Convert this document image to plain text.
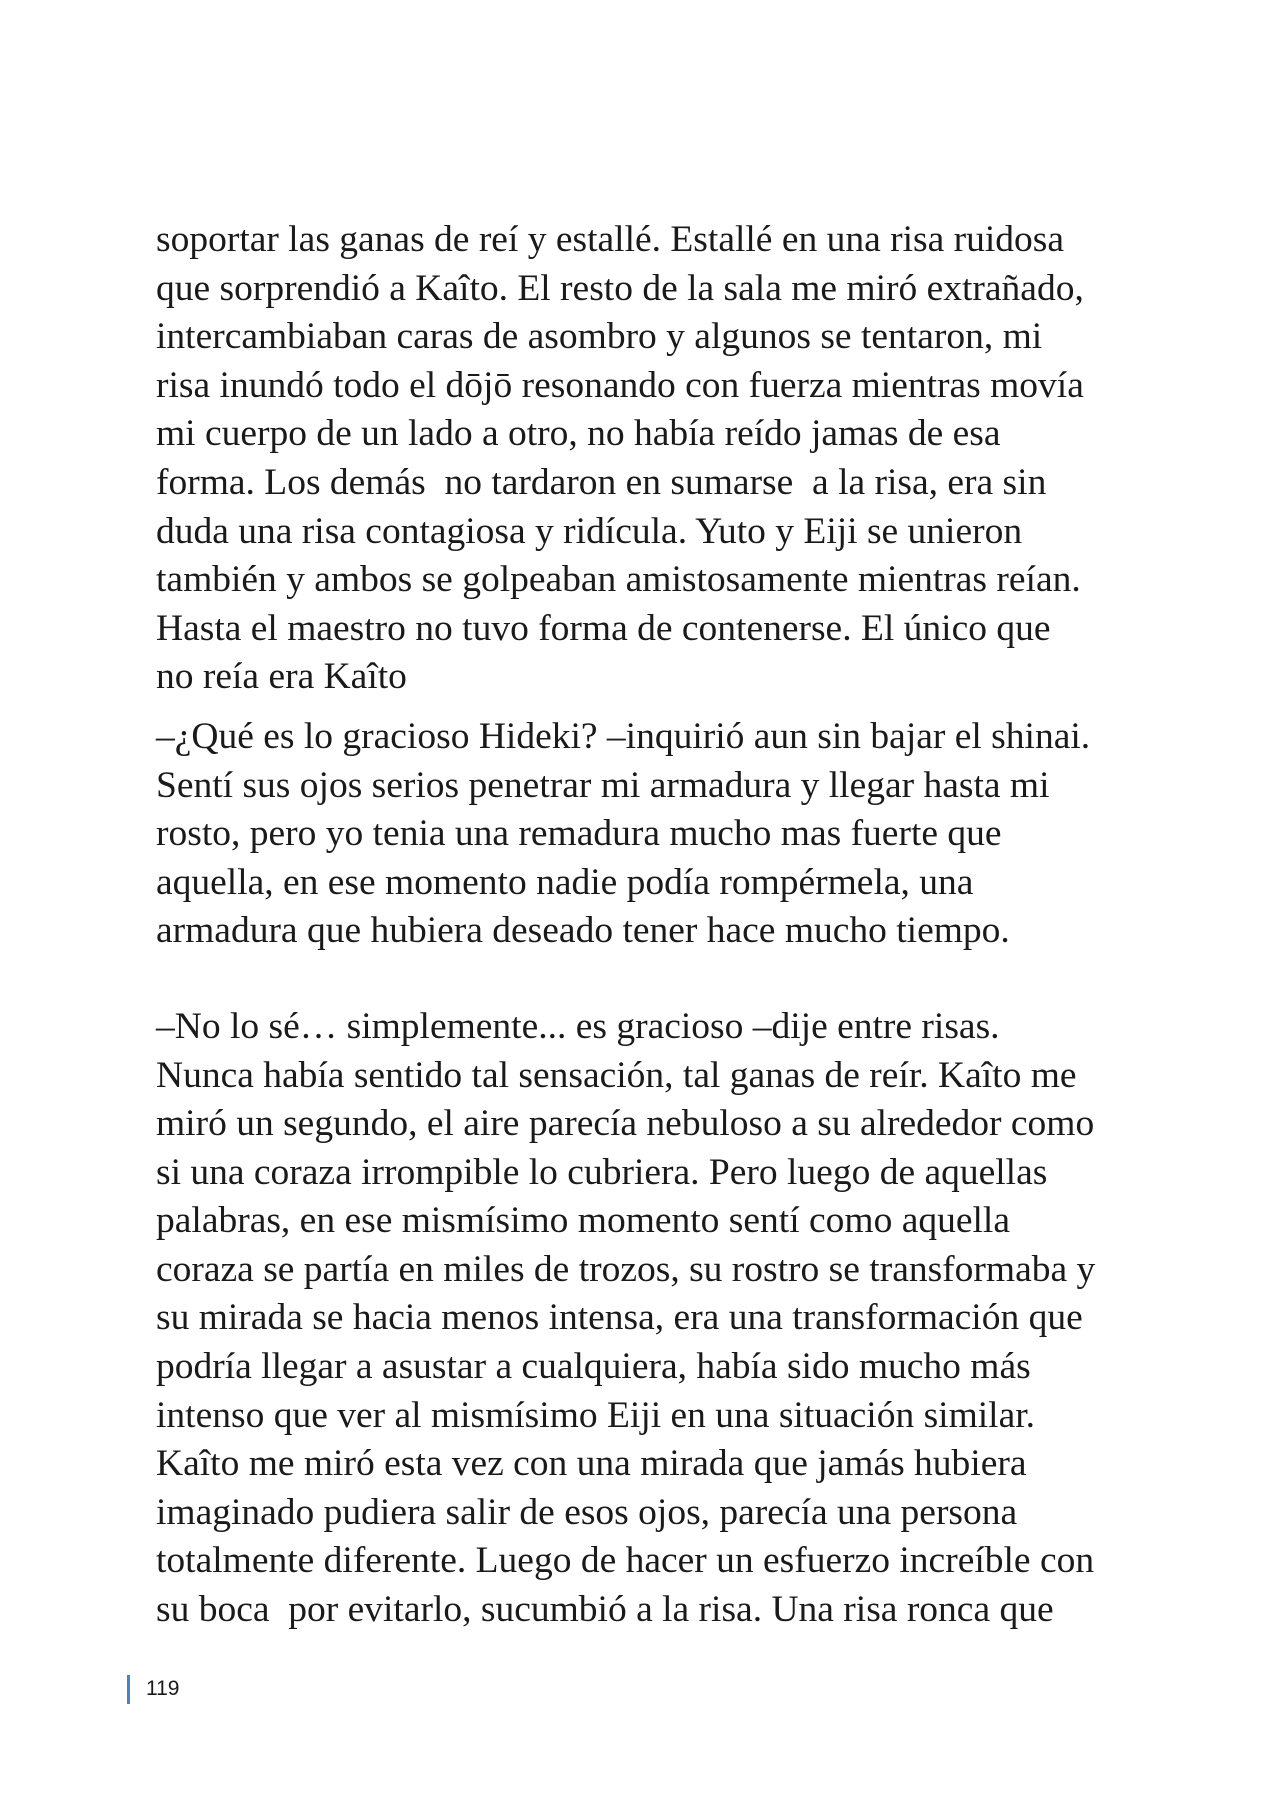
soportar las ganas de reí y estallé. Estallé en una risa ruidosa
que sorprendió a Kaîto. El resto de la sala me miró extrañado,
intercambiaban caras de asombro y algunos se tentaron, mi
risa inundó todo el dōjō resonando con fuerza mientras movía
mi cuerpo de un lado a otro, no había reído jamas de esa
forma. Los demás  no tardaron en sumarse  a la risa, era sin
duda una risa contagiosa y ridícula. Yuto y Eiji se unieron
también y ambos se golpeaban amistosamente mientras reían.
Hasta el maestro no tuvo forma de contenerse. El único que
no reía era Kaîto
–¿Qué es lo gracioso Hideki? –inquirió aun sin bajar el shinai.
Sentí sus ojos serios penetrar mi armadura y llegar hasta mi
rosto, pero yo tenia una remadura mucho mas fuerte que
aquella, en ese momento nadie podía rompérmela, una
armadura que hubiera deseado tener hace mucho tiempo.
–No lo sé… simplemente... es gracioso –dije entre risas.
Nunca había sentido tal sensación, tal ganas de reír. Kaîto me
miró un segundo, el aire parecía nebuloso a su alrededor como
si una coraza irrompible lo cubriera. Pero luego de aquellas
palabras, en ese mismísimo momento sentí como aquella
coraza se partía en miles de trozos, su rostro se transformaba y
su mirada se hacia menos intensa, era una transformación que
podría llegar a asustar a cualquiera, había sido mucho más
intenso que ver al mismísimo Eiji en una situación similar.
Kaîto me miró esta vez con una mirada que jamás hubiera
imaginado pudiera salir de esos ojos, parecía una persona
totalmente diferente. Luego de hacer un esfuerzo increíble con
su boca  por evitarlo, sucumbió a la risa. Una risa ronca que
119
